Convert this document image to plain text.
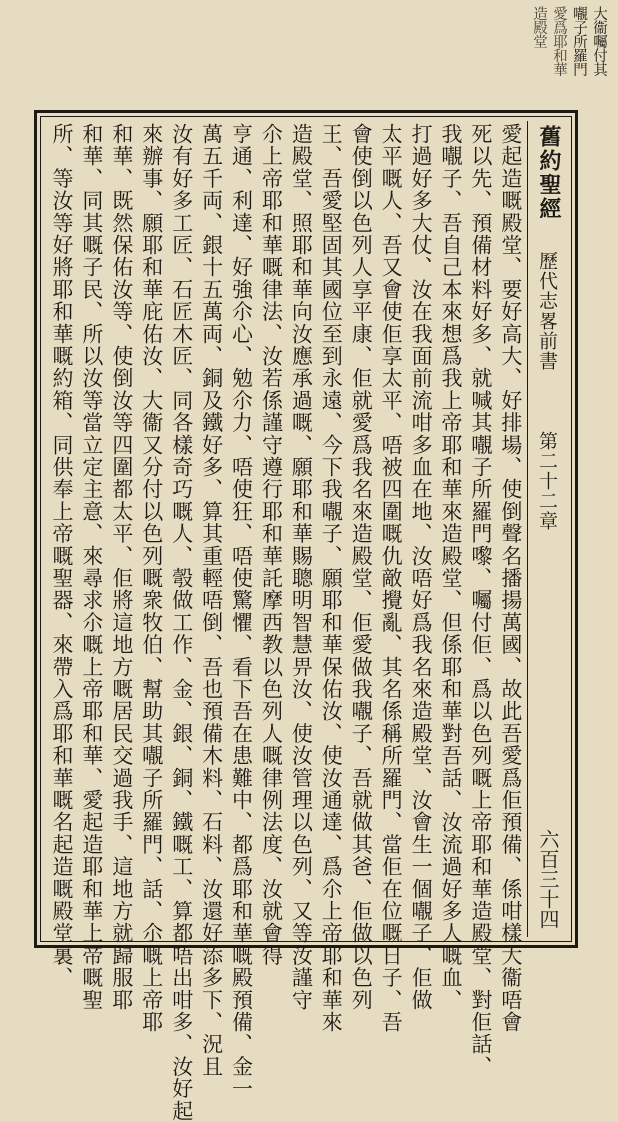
大衞囑付其
𡃁子所羅門
愛爲耶和華
造殿堂
舊約聖經
歷代志畧前書
第二十二章
六百三十四
愛起造嘅殿堂、要好高大、好排場、使倒聲名播揚萬國、故此吾愛爲佢預備、係咁樣大衞唔會
死以先、預備材料好多、就喊其𡃁子所羅門嚟、囑付佢、爲以色列嘅上帝耶和華造殿堂、對佢話、
我𡃁子、吾自己本來想爲我上帝耶和華來造殿堂、但係耶和華對吾話、汝流過好多人嘅血、
打過好多大仗、汝在我面前流咁多血在地、汝唔好爲我名來造殿堂、汝會生一個𡃁子、佢做
太平嘅人、吾又會使佢享太平、唔被四圍嘅仇敵攪亂、其名係稱所羅門、當佢在位嘅日子、吾
會使倒以色列人享平康、佢就愛爲我名來造殿堂、佢愛做我𡃁子、吾就做其爸、佢做以色列
王、吾愛堅固其國位至到永遠、今下我𡃁子、願耶和華保佑汝、使汝通達、爲尒上帝耶和華來
造殿堂、照耶和華向汝應承過嘅、願耶和華賜聰明智慧畀汝、使汝管理以色列、又等汝謹守
尒上帝耶和華嘅律法、汝若係謹守遵行耶和華託摩西教以色列人嘅律例法度、汝就會得
亨通、利達、好強尒心、勉尒力、唔使狂、唔使驚懼、看下吾在患難中、都爲耶和華嘅殿預備、金一
萬五千両、銀十五萬両、銅及鐵好多、算其重輕唔倒、吾也預備木料、石料、汝還好添多下、況且
汝有好多工匠、石匠木匠、同各樣奇巧嘅人、彀做工作、金、銀、銅、鐵嘅工、算都唔出咁多、汝好起
來辦事、願耶和華庇佑汝、大衞又分付以色列嘅衆牧伯、幫助其𡃁子所羅門、話、尒嘅上帝耶
和華、既然保佑汝等、使倒汝等四圍都太平、佢將這地方嘅居民交過我手、這地方就歸服耶
和華、同其嘅子民、所以汝等當立定主意、來尋求尒嘅上帝耶和華、愛起造耶和華上帝嘅聖
所、等汝等好將耶和華嘅約箱、同供奉上帝嘅聖器、來帶入爲耶和華嘅名起造嘅殿堂裏、
